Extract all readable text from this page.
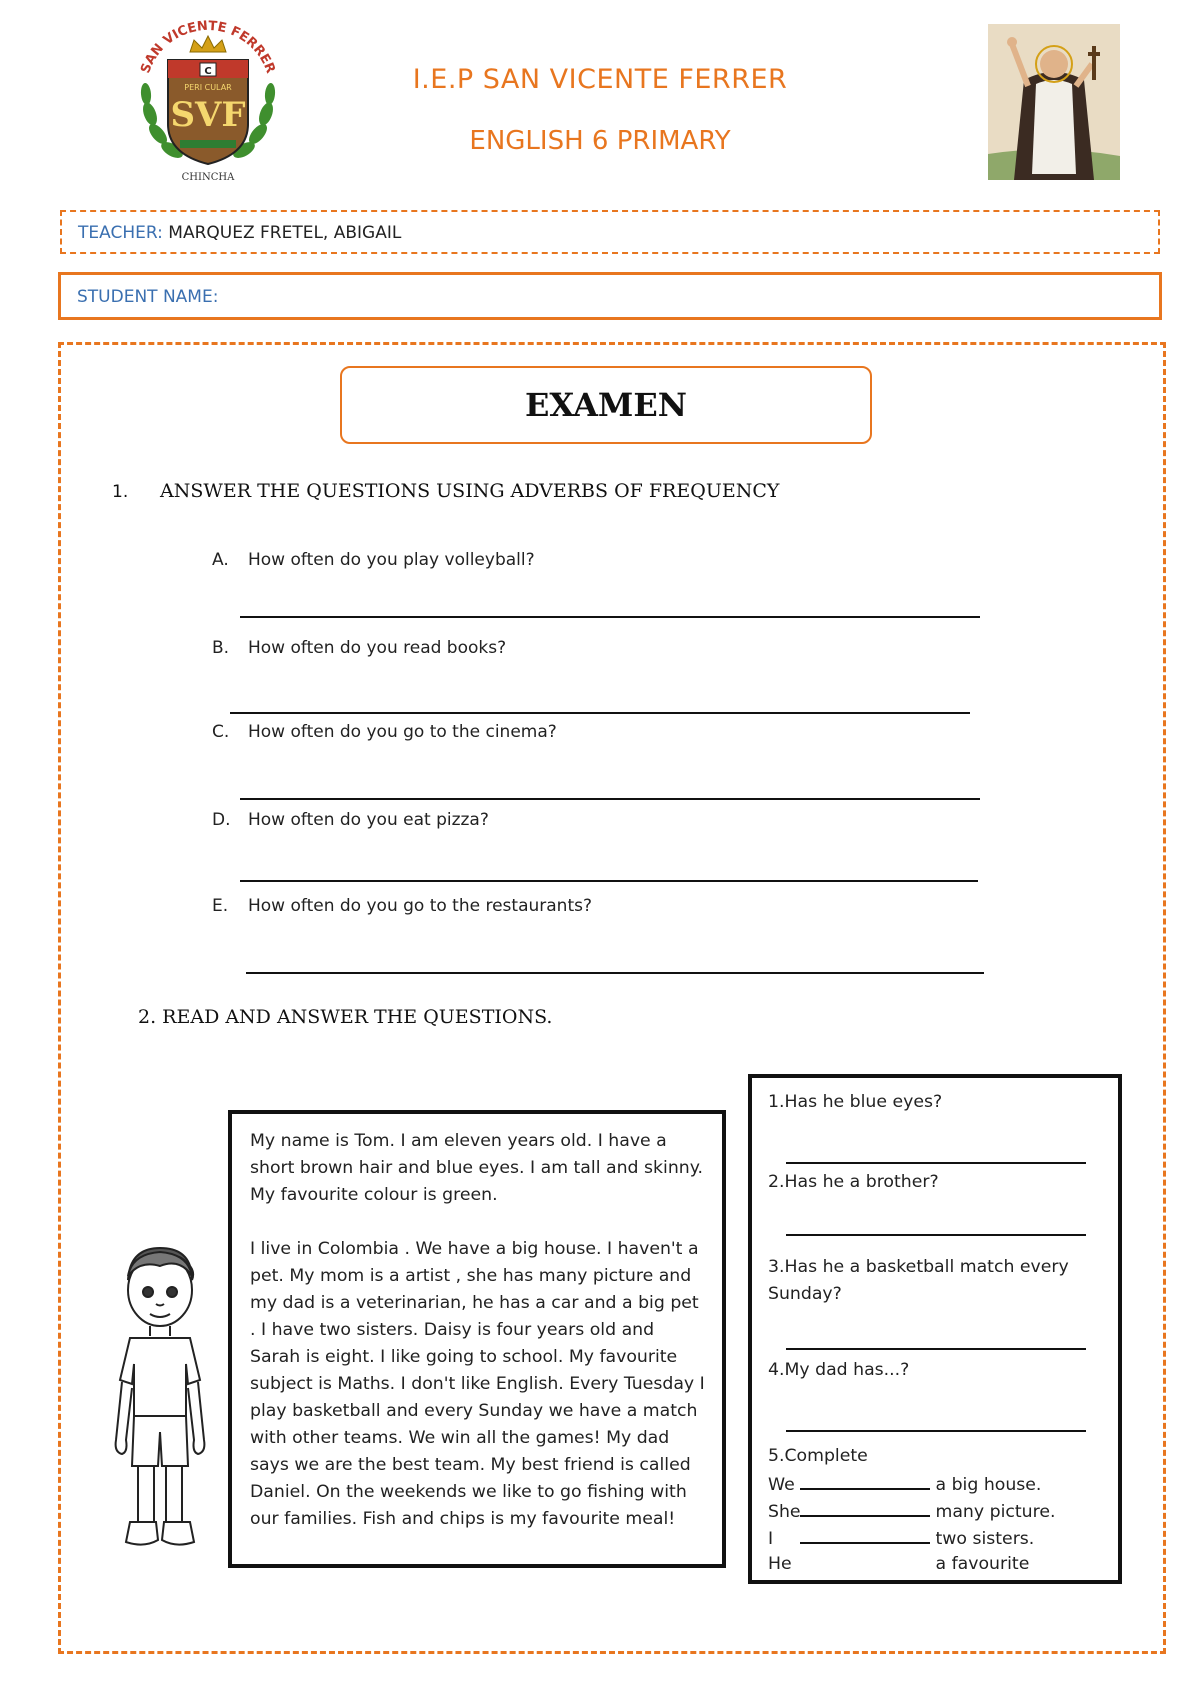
SAN VICENTE FERRER
C
PERI CULAR
SVF
CHINCHA
I.E.P SAN VICENTE FERRER
ENGLISH 6 PRIMARY
TEACHER: MARQUEZ FRETEL, ABIGAIL
STUDENT NAME:
EXAMEN
1. ANSWER THE QUESTIONS USING ADVERBS OF FREQUENCY
A. How often do you play volleyball?
B. How often do you read books?
C. How often do you go to the cinema?
D. How often do you eat pizza?
E. How often do you go to the restaurants?
2. READ AND ANSWER THE QUESTIONS.

My name is Tom. I am eleven years old. I have a short brown hair and blue eyes. I am tall and skinny. My favourite colour is green.

I live in Colombia . We have a big house. I haven't a pet. My mom is a artist , she has many picture and my dad is a veterinarian, he has a car and a big pet . I have two sisters. Daisy is four years old and Sarah is eight. I like going to school. My favourite subject is Maths. I don't like English. Every Tuesday I play basketball and every Sunday we have a match with other teams. We win all the games! My dad says we are the best team. My best friend is called Daniel. On the weekends we like to go fishing with our families. Fish and chips is my favourite meal!

1.Has he blue eyes?
2.Has he a brother?
3.Has he a basketball match every Sunday?
4.My dad has...?
5.Complete
We	a big house.
She	many picture.
I	two sisters.
He	a favourite
